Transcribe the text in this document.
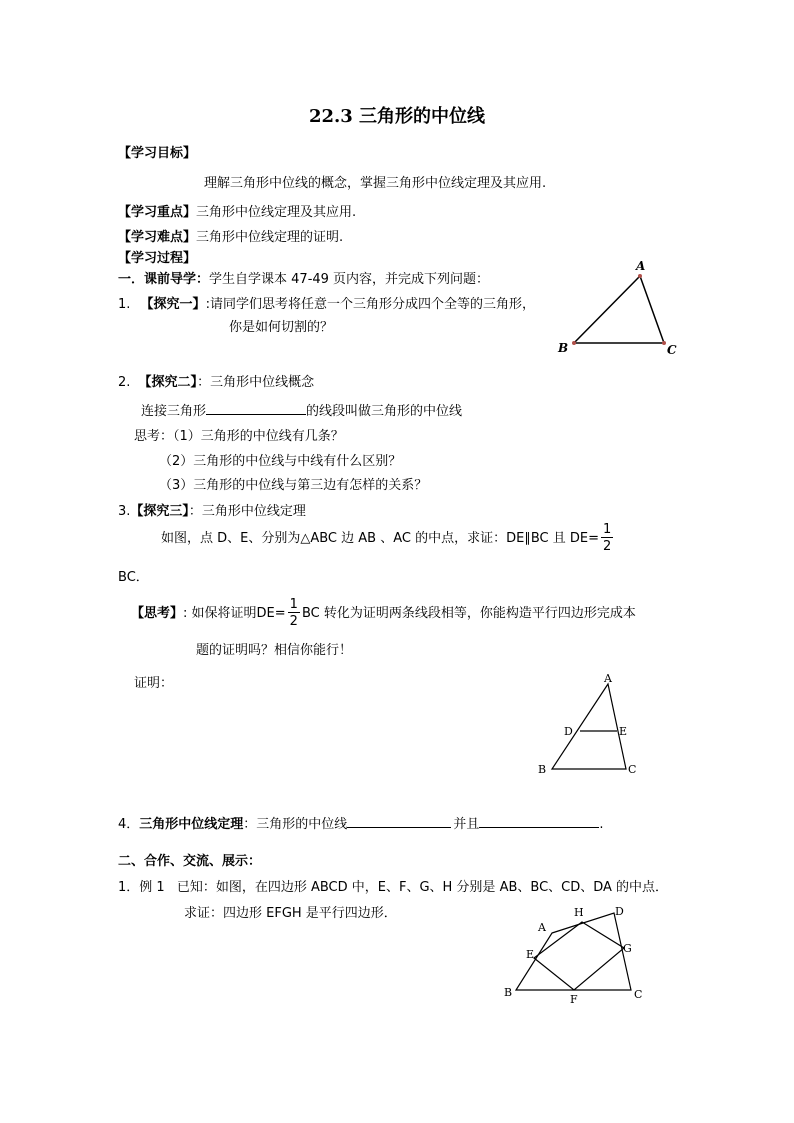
22.3 三角形的中位线
【学习目标】
理解三角形中位线的概念，掌握三角形中位线定理及其应用.
【学习重点】三角形中位线定理及其应用.
【学习难点】三角形中位线定理的证明.
【学习过程】
一．课前导学：学生自学课本 47-49 页内容，并完成下列问题：
1. 【探究一】:请同学们思考将任意一个三角形分成四个全等的三角形，
你是如何切割的？
A
B	C
2. 【探究二】：三角形中位线概念
连接三角形	的线段叫做三角形的中位线
思考：（1）三角形的中位线有几条？
（2）三角形的中位线与中线有什么区别？
（3）三角形的中位线与第三边有怎样的关系？
3.【探究三】：三角形中位线定理
如图，点 D、E、分别为△ABC 边 AB 、AC 的中点，求证：DE∥BC 且 $DE= \frac{1}{2}$
BC．
【思考】 : 如保将证明$DE= \frac{1}{2}$ BC 转化为证明两条线段相等，你能构造平行四边形完成本
题的证明吗？相信你能行！
证明：	A
B	C
D	E
4．三角形中位线定理：三角形的中位线	并且	.
二、合作、交流、展示：
1．例 1 已知：如图，在四边形 ABCD 中，E、F、G、H 分别是 AB、BC、CD、DA 的中点．
求证：四边形 EFGH 是平行四边形．
A
B	C
D
E
F
G
H
